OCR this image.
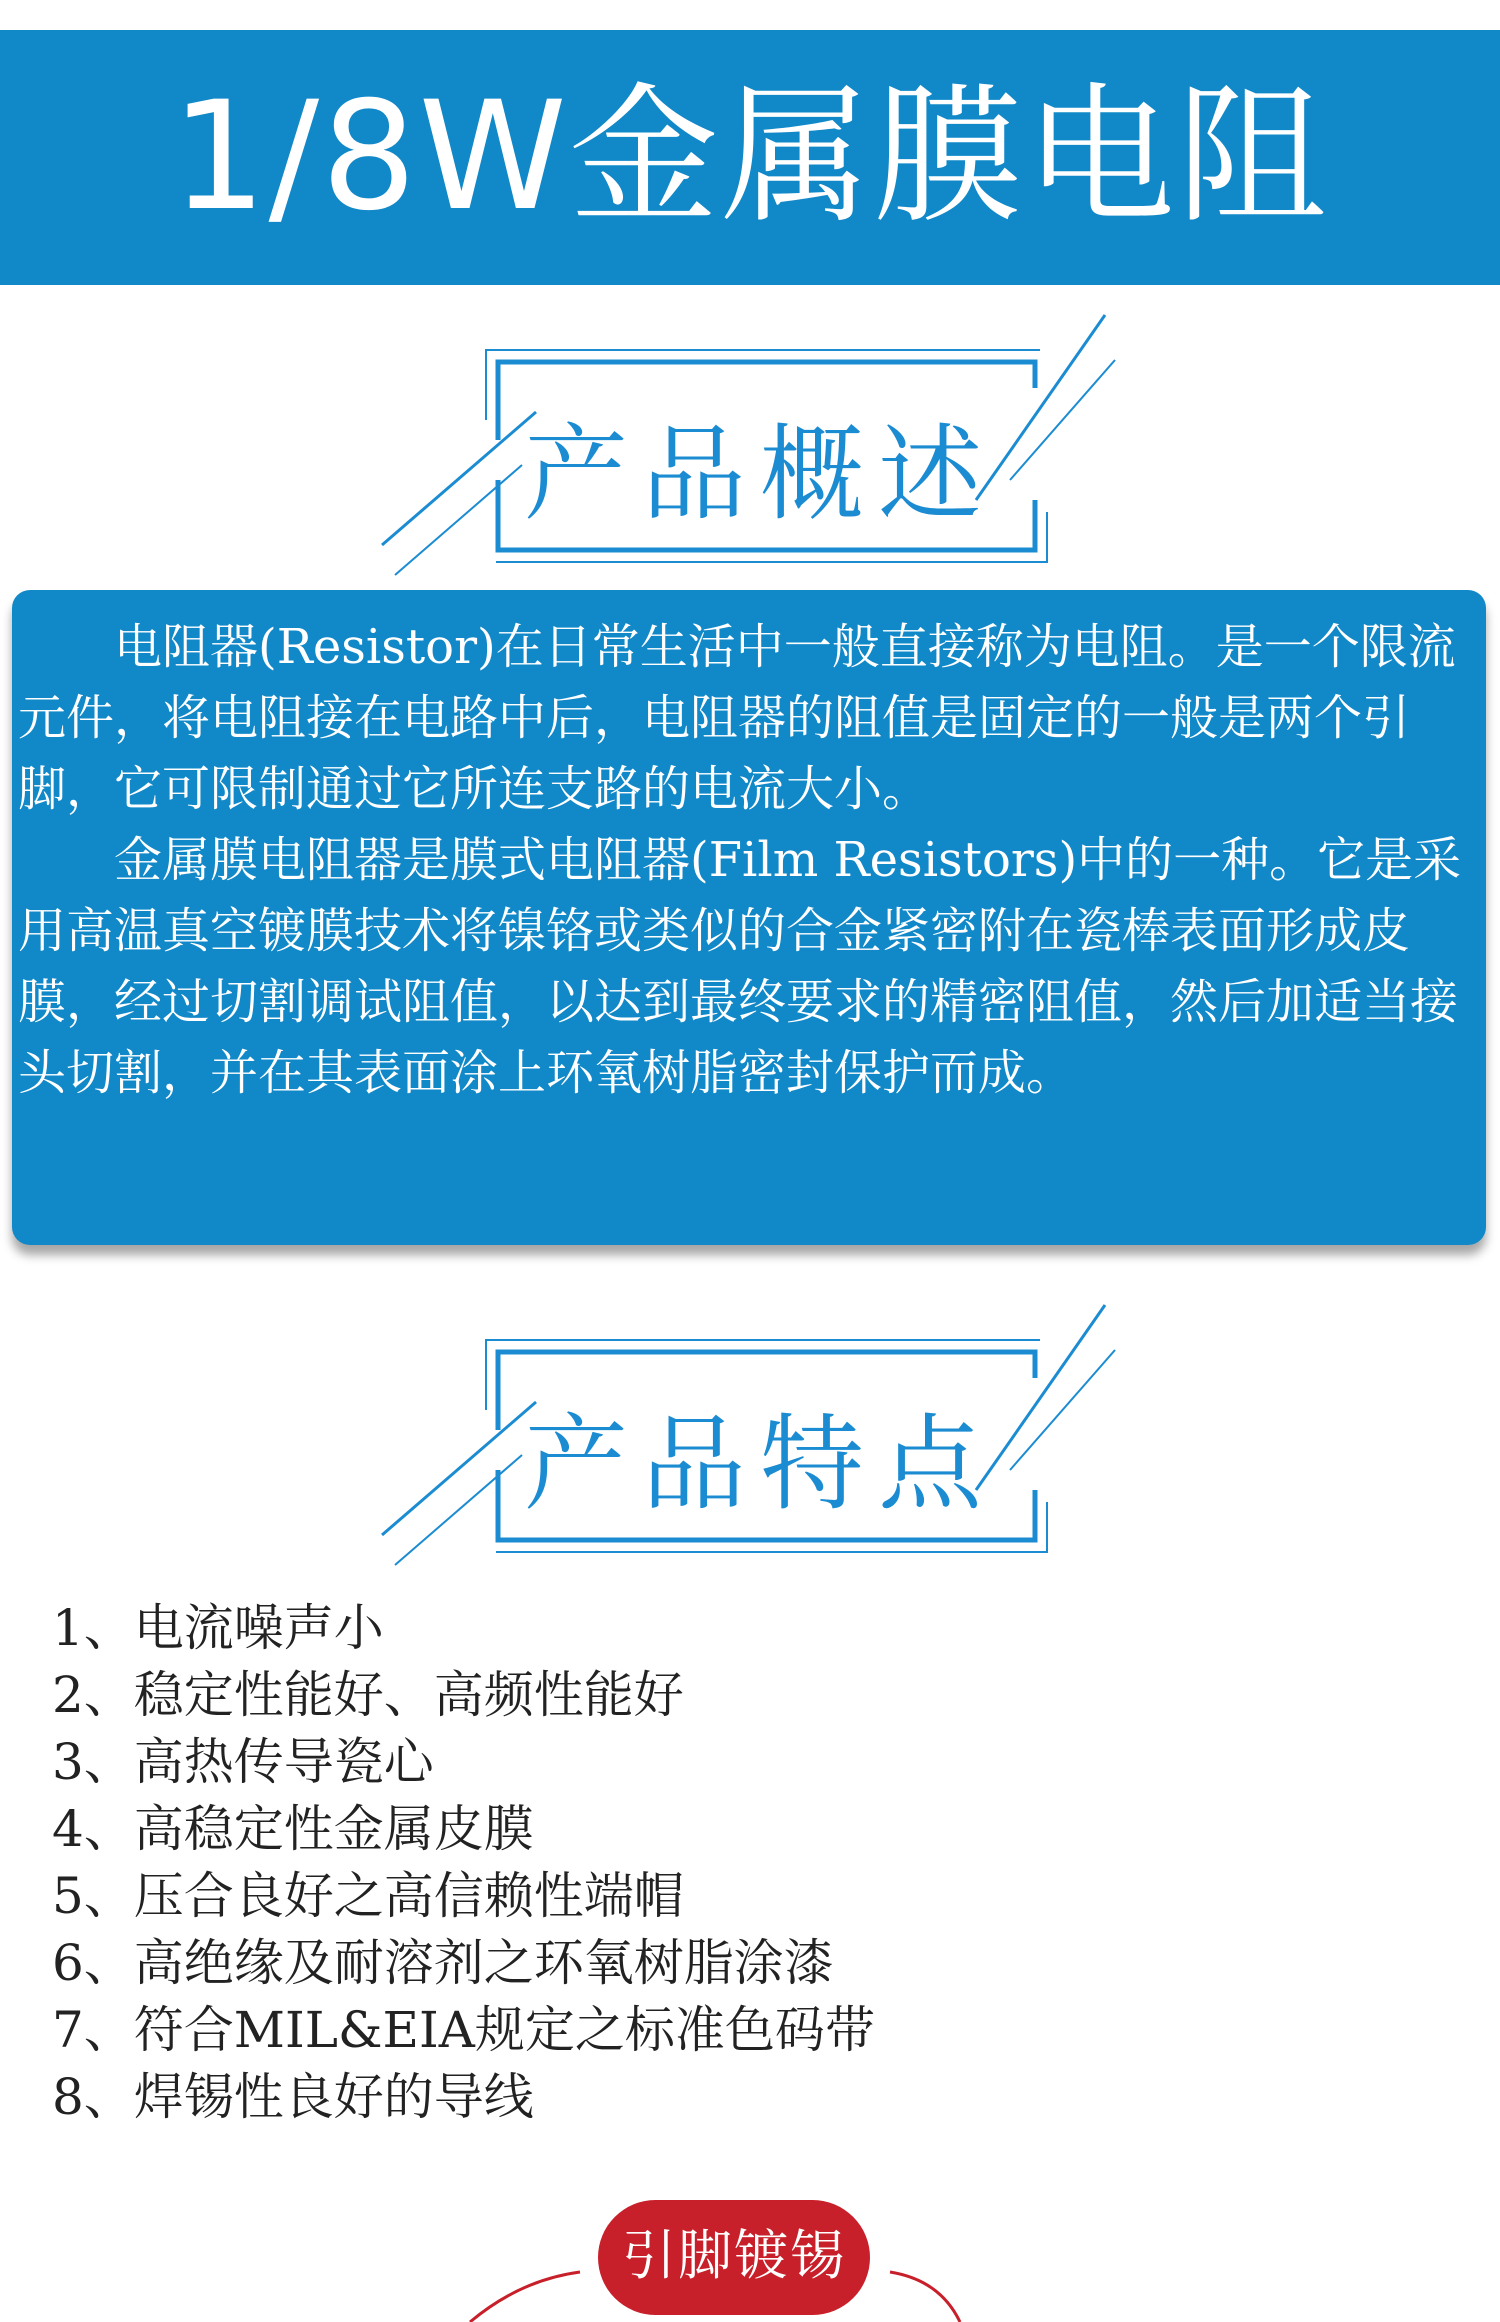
1/8W金属膜电阻
产品概述

电阻器(Resistor)在日常生活中一般直接称为电阻。是一个限流元件，将电阻接在电路中后，电阻器的阻值是固定的一般是两个引脚，它可限制通过它所连支路的电流大小。

金属膜电阻器是膜式电阻器(Film Resistors)中的一种。它是采用高温真空镀膜技术将镍铬或类似的合金紧密附在瓷棒表面形成皮膜，经过切割调试阻值，以达到最终要求的精密阻值，然后加适当接头切割，并在其表面涂上环氧树脂密封保护而成。

产品特点
1、电流噪声小
2、稳定性能好、高频性能好
3、高热传导瓷心
4、高稳定性金属皮膜
5、压合良好之高信赖性端帽
6、高绝缘及耐溶剂之环氧树脂涂漆
7、符合MIL&EIA规定之标准色码带
8、焊锡性良好的导线
引脚镀锡
